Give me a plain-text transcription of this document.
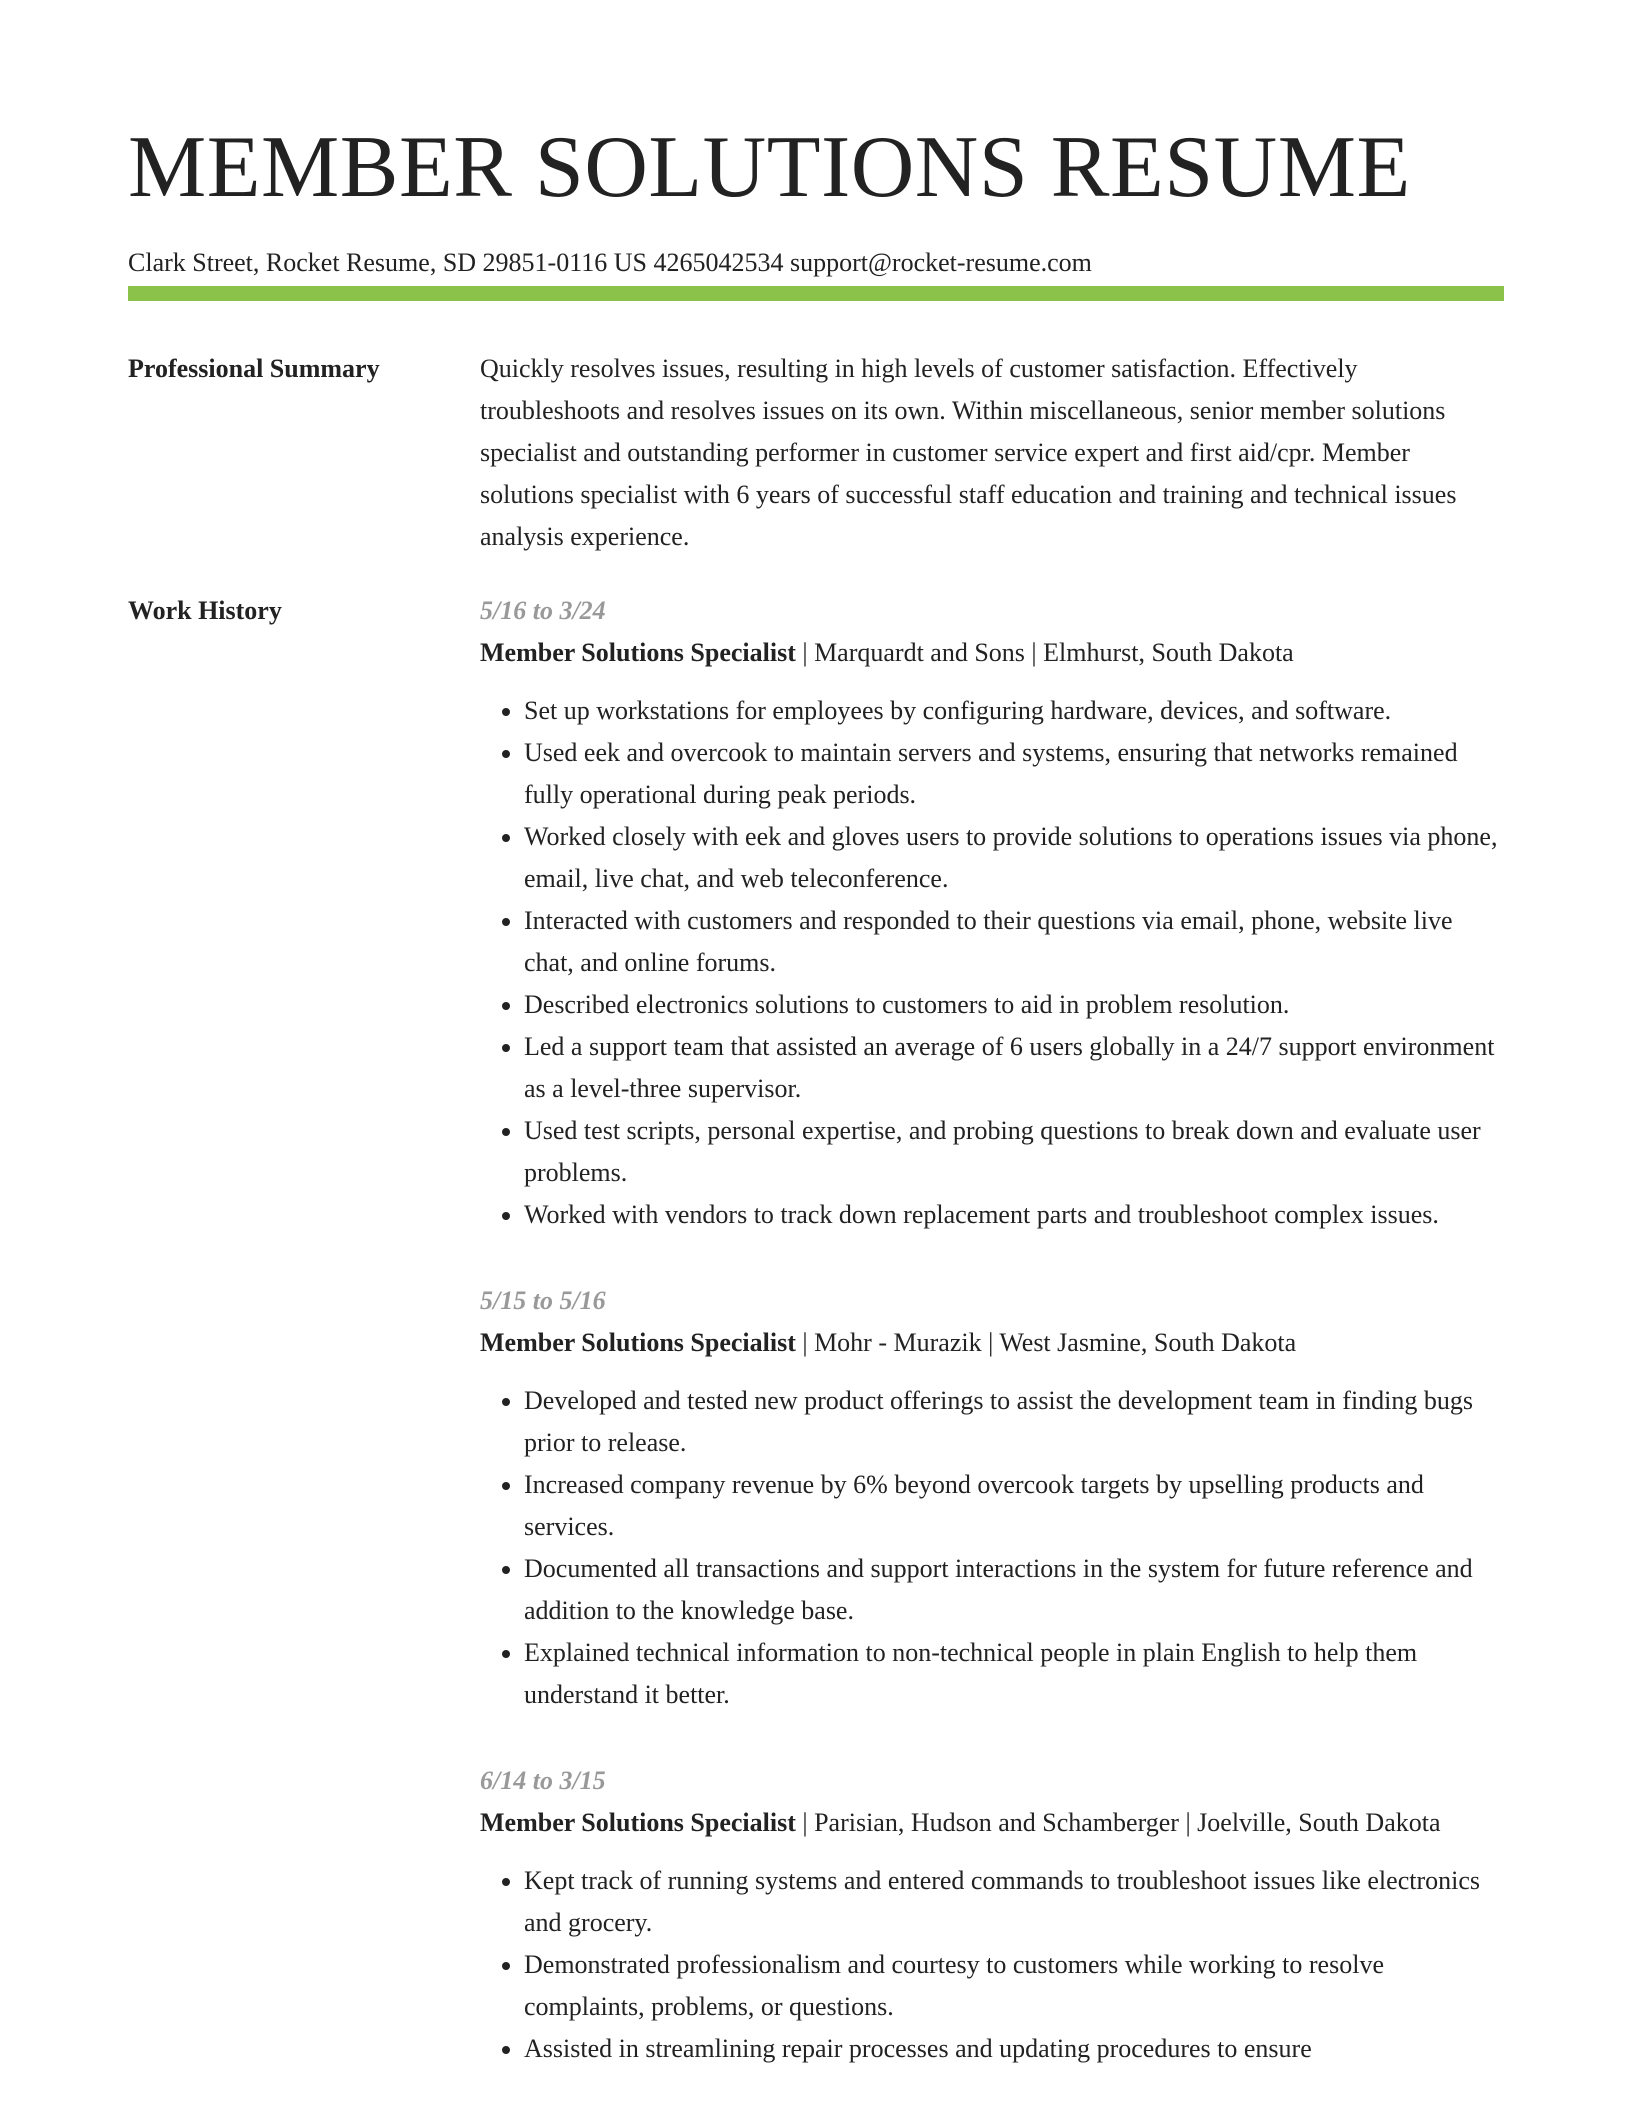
MEMBER SOLUTIONS RESUME
Clark Street, Rocket Resume, SD 29851-0116 US 4265042534 support@rocket-resume.com
Professional Summary	Quickly resolves issues, resulting in high levels of customer satisfaction. Effectively troubleshoots and resolves issues on its own. Within miscellaneous, senior member solutions specialist and outstanding performer in customer service expert and first aid/cpr. Member solutions specialist with 6 years of successful staff education and training and technical issues analysis experience.

Work History	5/16 to 3/24
Member Solutions Specialist | Marquardt and Sons | Elmhurst, South Dakota
• Set up workstations for employees by configuring hardware, devices, and software.
• Used eek and overcook to maintain servers and systems, ensuring that networks remained fully operational during peak periods.
• Worked closely with eek and gloves users to provide solutions to operations issues via phone, email, live chat, and web teleconference.
• Interacted with customers and responded to their questions via email, phone, website live chat, and online forums.
• Described electronics solutions to customers to aid in problem resolution.
• Led a support team that assisted an average of 6 users globally in a 24/7 support environment as a level-three supervisor.
• Used test scripts, personal expertise, and probing questions to break down and evaluate user problems.
• Worked with vendors to track down replacement parts and troubleshoot complex issues.
5/15 to 5/16
Member Solutions Specialist | Mohr - Murazik | West Jasmine, South Dakota
• Developed and tested new product offerings to assist the development team in finding bugs prior to release.
• Increased company revenue by 6% beyond overcook targets by upselling products and services.
• Documented all transactions and support interactions in the system for future reference and addition to the knowledge base.
• Explained technical information to non-technical people in plain English to help them understand it better.
6/14 to 3/15
Member Solutions Specialist | Parisian, Hudson and Schamberger | Joelville, South Dakota
• Kept track of running systems and entered commands to troubleshoot issues like electronics and grocery.
• Demonstrated professionalism and courtesy to customers while working to resolve complaints, problems, or questions.
• Assisted in streamlining repair processes and updating procedures to ensure
